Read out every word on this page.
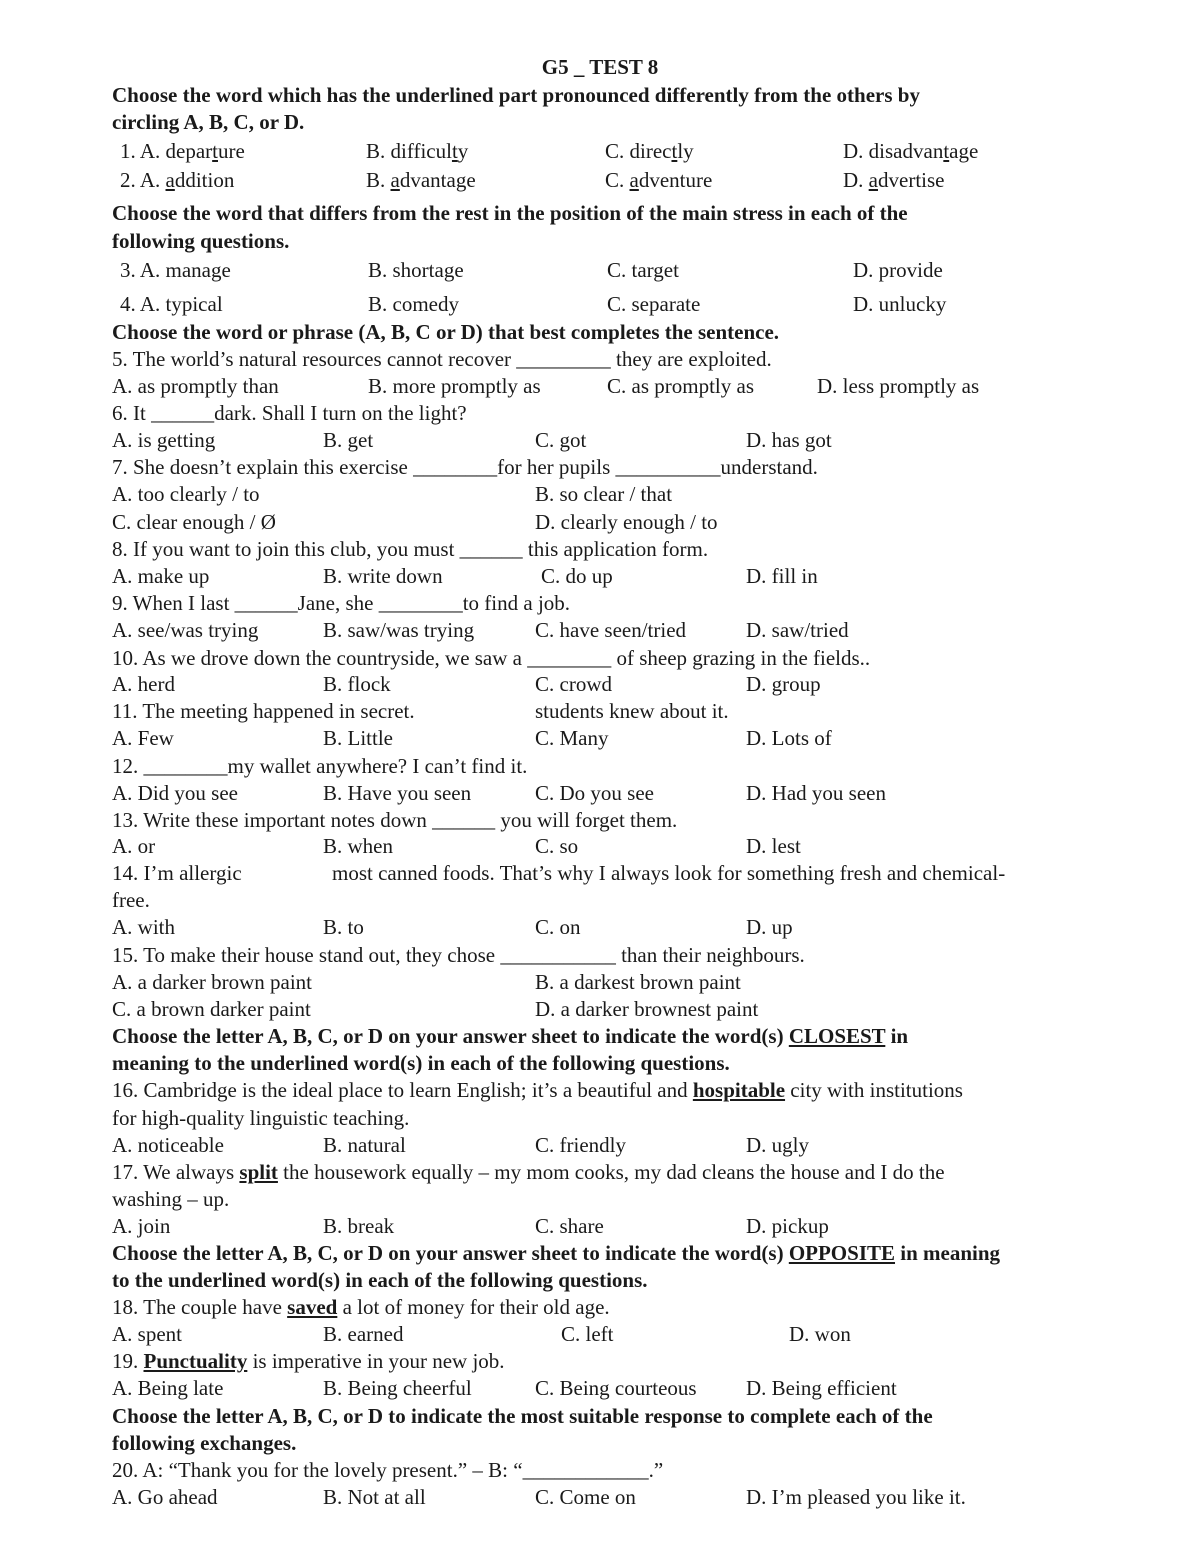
G5 _ TEST 8
Choose the word which has the underlined part pronounced differently from the others by
circling A, B, C, or D.
1. A. departure	B. difficulty	C. directly	D. disadvantage
2. A. addition	B. advantage	C. adventure	D. advertise
Choose the word that differs from the rest in the position of the main stress in each of the
following questions.
3. A. manage	B. shortage	C. target	D. provide
4. A. typical	B. comedy	C. separate	D. unlucky
Choose the word or phrase (A, B, C or D) that best completes the sentence.
5. The world’s natural resources cannot recover _________ they are exploited.
A. as promptly than	B. more promptly as	C. as promptly as	D. less promptly as
6. It ______dark. Shall I turn on the light?
A. is getting	B. get	C. got	D. has got
7. She doesn’t explain this exercise ________for her pupils __________understand.
A. too clearly / to	B. so clear / that
C. clear enough / Ø	D. clearly enough / to
8. If you want to join this club, you must ______ this application form.
A. make up	B. write down	C. do up	D. fill in
9. When I last ______Jane, she ________to find a job.
A. see/was trying	B. saw/was trying	C. have seen/tried	D. saw/tried
10. As we drove down the countryside, we saw a ________ of sheep grazing in the fields..
A. herd	B. flock	C. crowd	D. group
11. The meeting happened in secret.	students knew about it.
A. Few	B. Little	C. Many	D. Lots of
12. ________my wallet anywhere? I can’t find it.
A. Did you see	B. Have you seen	C. Do you see	D. Had you seen
13. Write these important notes down ______ you will forget them.
A. or	B. when	C. so	D. lest
14. I’m allergic	most canned foods. That’s why I always look for something fresh and chemical-
free.
A. with	B. to	C. on	D. up
15. To make their house stand out, they chose ___________ than their neighbours.
A. a darker brown paint	B. a darkest brown paint
C. a brown darker paint	D. a darker brownest paint
Choose the letter A, B, C, or D on your answer sheet to indicate the word(s) CLOSEST in
meaning to the underlined word(s) in each of the following questions.
16. Cambridge is the ideal place to learn English; it’s a beautiful and hospitable city with institutions
for high-quality linguistic teaching.
A. noticeable	B. natural	C. friendly	D. ugly
17. We always split the housework equally – my mom cooks, my dad cleans the house and I do the
washing – up.
A. join	B. break	C. share	D. pickup
Choose the letter A, B, C, or D on your answer sheet to indicate the word(s) OPPOSITE in meaning
to the underlined word(s) in each of the following questions.
18. The couple have saved a lot of money for their old age.
A. spent	B. earned	C. left	D. won
19. Punctuality is imperative in your new job.
A. Being late	B. Being cheerful	C. Being courteous D. Being efficient
Choose the letter A, B, C, or D to indicate the most suitable response to complete each of the
following exchanges.
20. A: “Thank you for the lovely present.” – B: “____________.”
A. Go ahead	B. Not at all	C. Come on	D. I’m pleased you like it.
